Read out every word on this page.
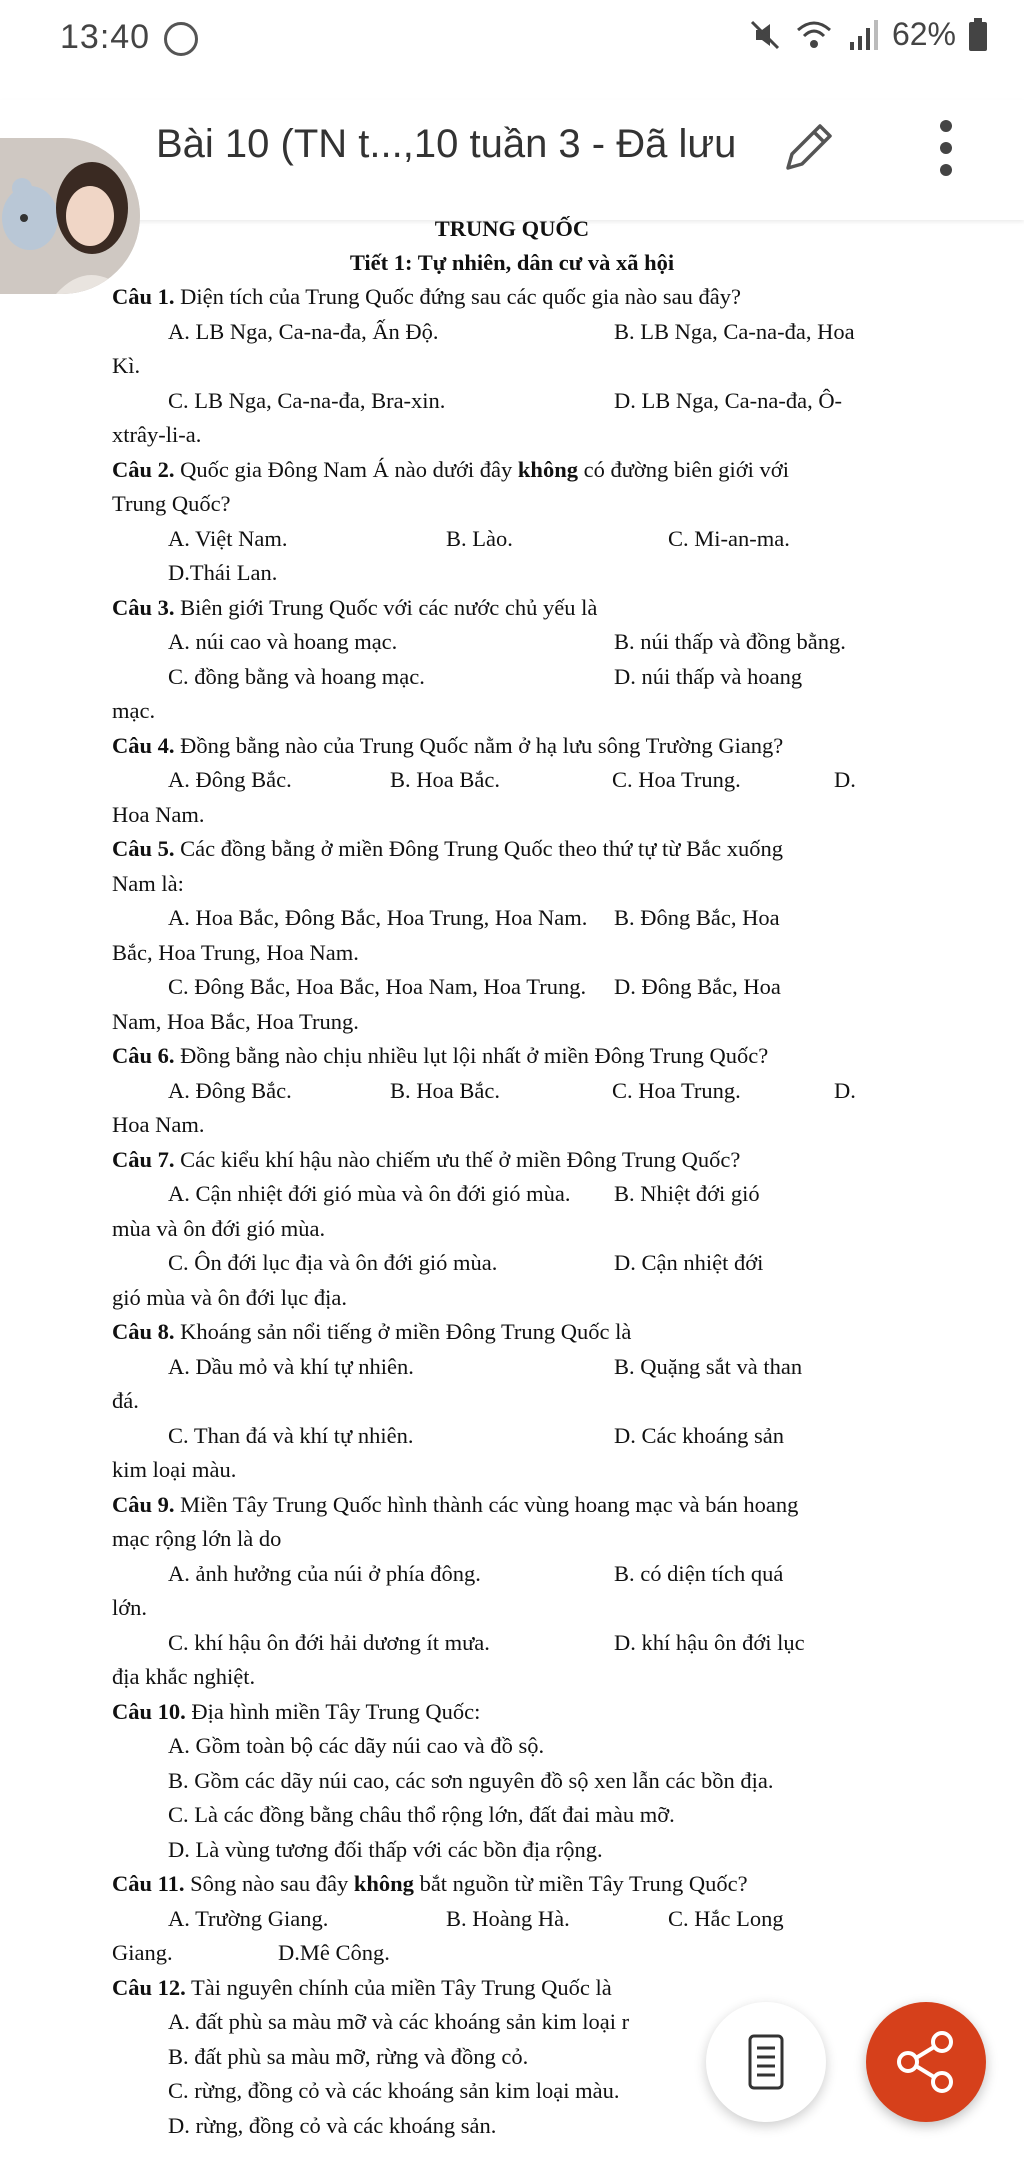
13:40	62%
Bài 10 (TN t...,10 tuần 3 - Đã lưu
TRUNG QUỐC
Tiết 1: Tự nhiên, dân cư và xã hội
Câu 1. Diện tích của Trung Quốc đứng sau các quốc gia nào sau đây?
A. LB Nga, Ca-na-đa, Ấn Độ.	B. LB Nga, Ca-na-đa, Hoa
Kì.
C. LB Nga, Ca-na-đa, Bra-xin.	D. LB Nga, Ca-na-đa, Ô-
xtrây-li-a.
Câu 2. Quốc gia Đông Nam Á nào dưới đây không có đường biên giới với
Trung Quốc?
A. Việt Nam.	B. Lào.	C. Mi-an-ma.
D.Thái Lan.
Câu 3. Biên giới Trung Quốc với các nước chủ yếu là
A. núi cao và hoang mạc.	B. núi thấp và đồng bằng.
C. đồng bằng và hoang mạc.	D. núi thấp và hoang
mạc.
Câu 4. Đồng bằng nào của Trung Quốc nằm ở hạ lưu sông Trường Giang?
A. Đông Bắc.	B. Hoa Bắc.	C. Hoa Trung.	D.
Hoa Nam.
Câu 5. Các đồng bằng ở miền Đông Trung Quốc theo thứ tự từ Bắc xuống
Nam là:
A. Hoa Bắc, Đông Bắc, Hoa Trung, Hoa Nam. B. Đông Bắc, Hoa
Bắc, Hoa Trung, Hoa Nam.
C. Đông Bắc, Hoa Bắc, Hoa Nam, Hoa Trung. D. Đông Bắc, Hoa
Nam, Hoa Bắc, Hoa Trung.
Câu 6. Đồng bằng nào chịu nhiều lụt lội nhất ở miền Đông Trung Quốc?
A. Đông Bắc.	B. Hoa Bắc.	C. Hoa Trung.	D.
Hoa Nam.
Câu 7. Các kiểu khí hậu nào chiếm ưu thế ở miền Đông Trung Quốc?
A. Cận nhiệt đới gió mùa và ôn đới gió mùa. B. Nhiệt đới gió
mùa và ôn đới gió mùa.
C. Ôn đới lục địa và ôn đới gió mùa.	D. Cận nhiệt đới
gió mùa và ôn đới lục địa.
Câu 8. Khoáng sản nổi tiếng ở miền Đông Trung Quốc là
A. Dầu mỏ và khí tự nhiên.	B. Quặng sắt và than
đá.
C. Than đá và khí tự nhiên.	D. Các khoáng sản
kim loại màu.
Câu 9. Miền Tây Trung Quốc hình thành các vùng hoang mạc và bán hoang
mạc rộng lớn là do
A. ảnh hưởng của núi ở phía đông.	B. có diện tích quá
lớn.
C. khí hậu ôn đới hải dương ít mưa.	D. khí hậu ôn đới lục
địa khắc nghiệt.
Câu 10. Địa hình miền Tây Trung Quốc:
A. Gồm toàn bộ các dãy núi cao và đồ sộ.
B. Gồm các dãy núi cao, các sơn nguyên đồ sộ xen lẫn các bồn địa.
C. Là các đồng bằng châu thổ rộng lớn, đất đai màu mỡ.
D. Là vùng tương đối thấp với các bồn địa rộng.
Câu 11. Sông nào sau đây không bắt nguồn từ miền Tây Trung Quốc?
A. Trường Giang.	B. Hoàng Hà.	C. Hắc Long
Giang.	D.Mê Công.
Câu 12. Tài nguyên chính của miền Tây Trung Quốc là
A. đất phù sa màu mỡ và các khoáng sản kim loại r
B. đất phù sa màu mỡ, rừng và đồng cỏ.
C. rừng, đồng cỏ và các khoáng sản kim loại màu.
D. rừng, đồng cỏ và các khoáng sản.
